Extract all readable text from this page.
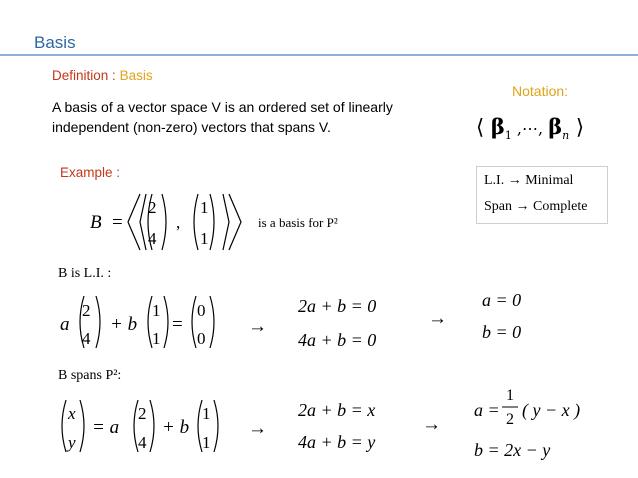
Basis
Definition : Basis
A basis of a vector space V is an ordered set of linearly
independent (non-zero) vectors that spans V.
Notation:
⟨ $\beta_1$ ,⋯, $\beta_n$ ⟩
L.I. → Minimal
Span → Complete
Example :
B =
2
4
,
1
1
is a basis for P²
B is L.I. :
a
2
4
+ b
1
1
=
0
0
→
2a + b = 0
4a + b = 0
→
a = 0
b = 0
B spans P²:
x
y
= a
2
4
+ b
1
1
→
2a + b = x
4a + b = y
→
a =
1
2 ( y − x )
b = 2x − y
